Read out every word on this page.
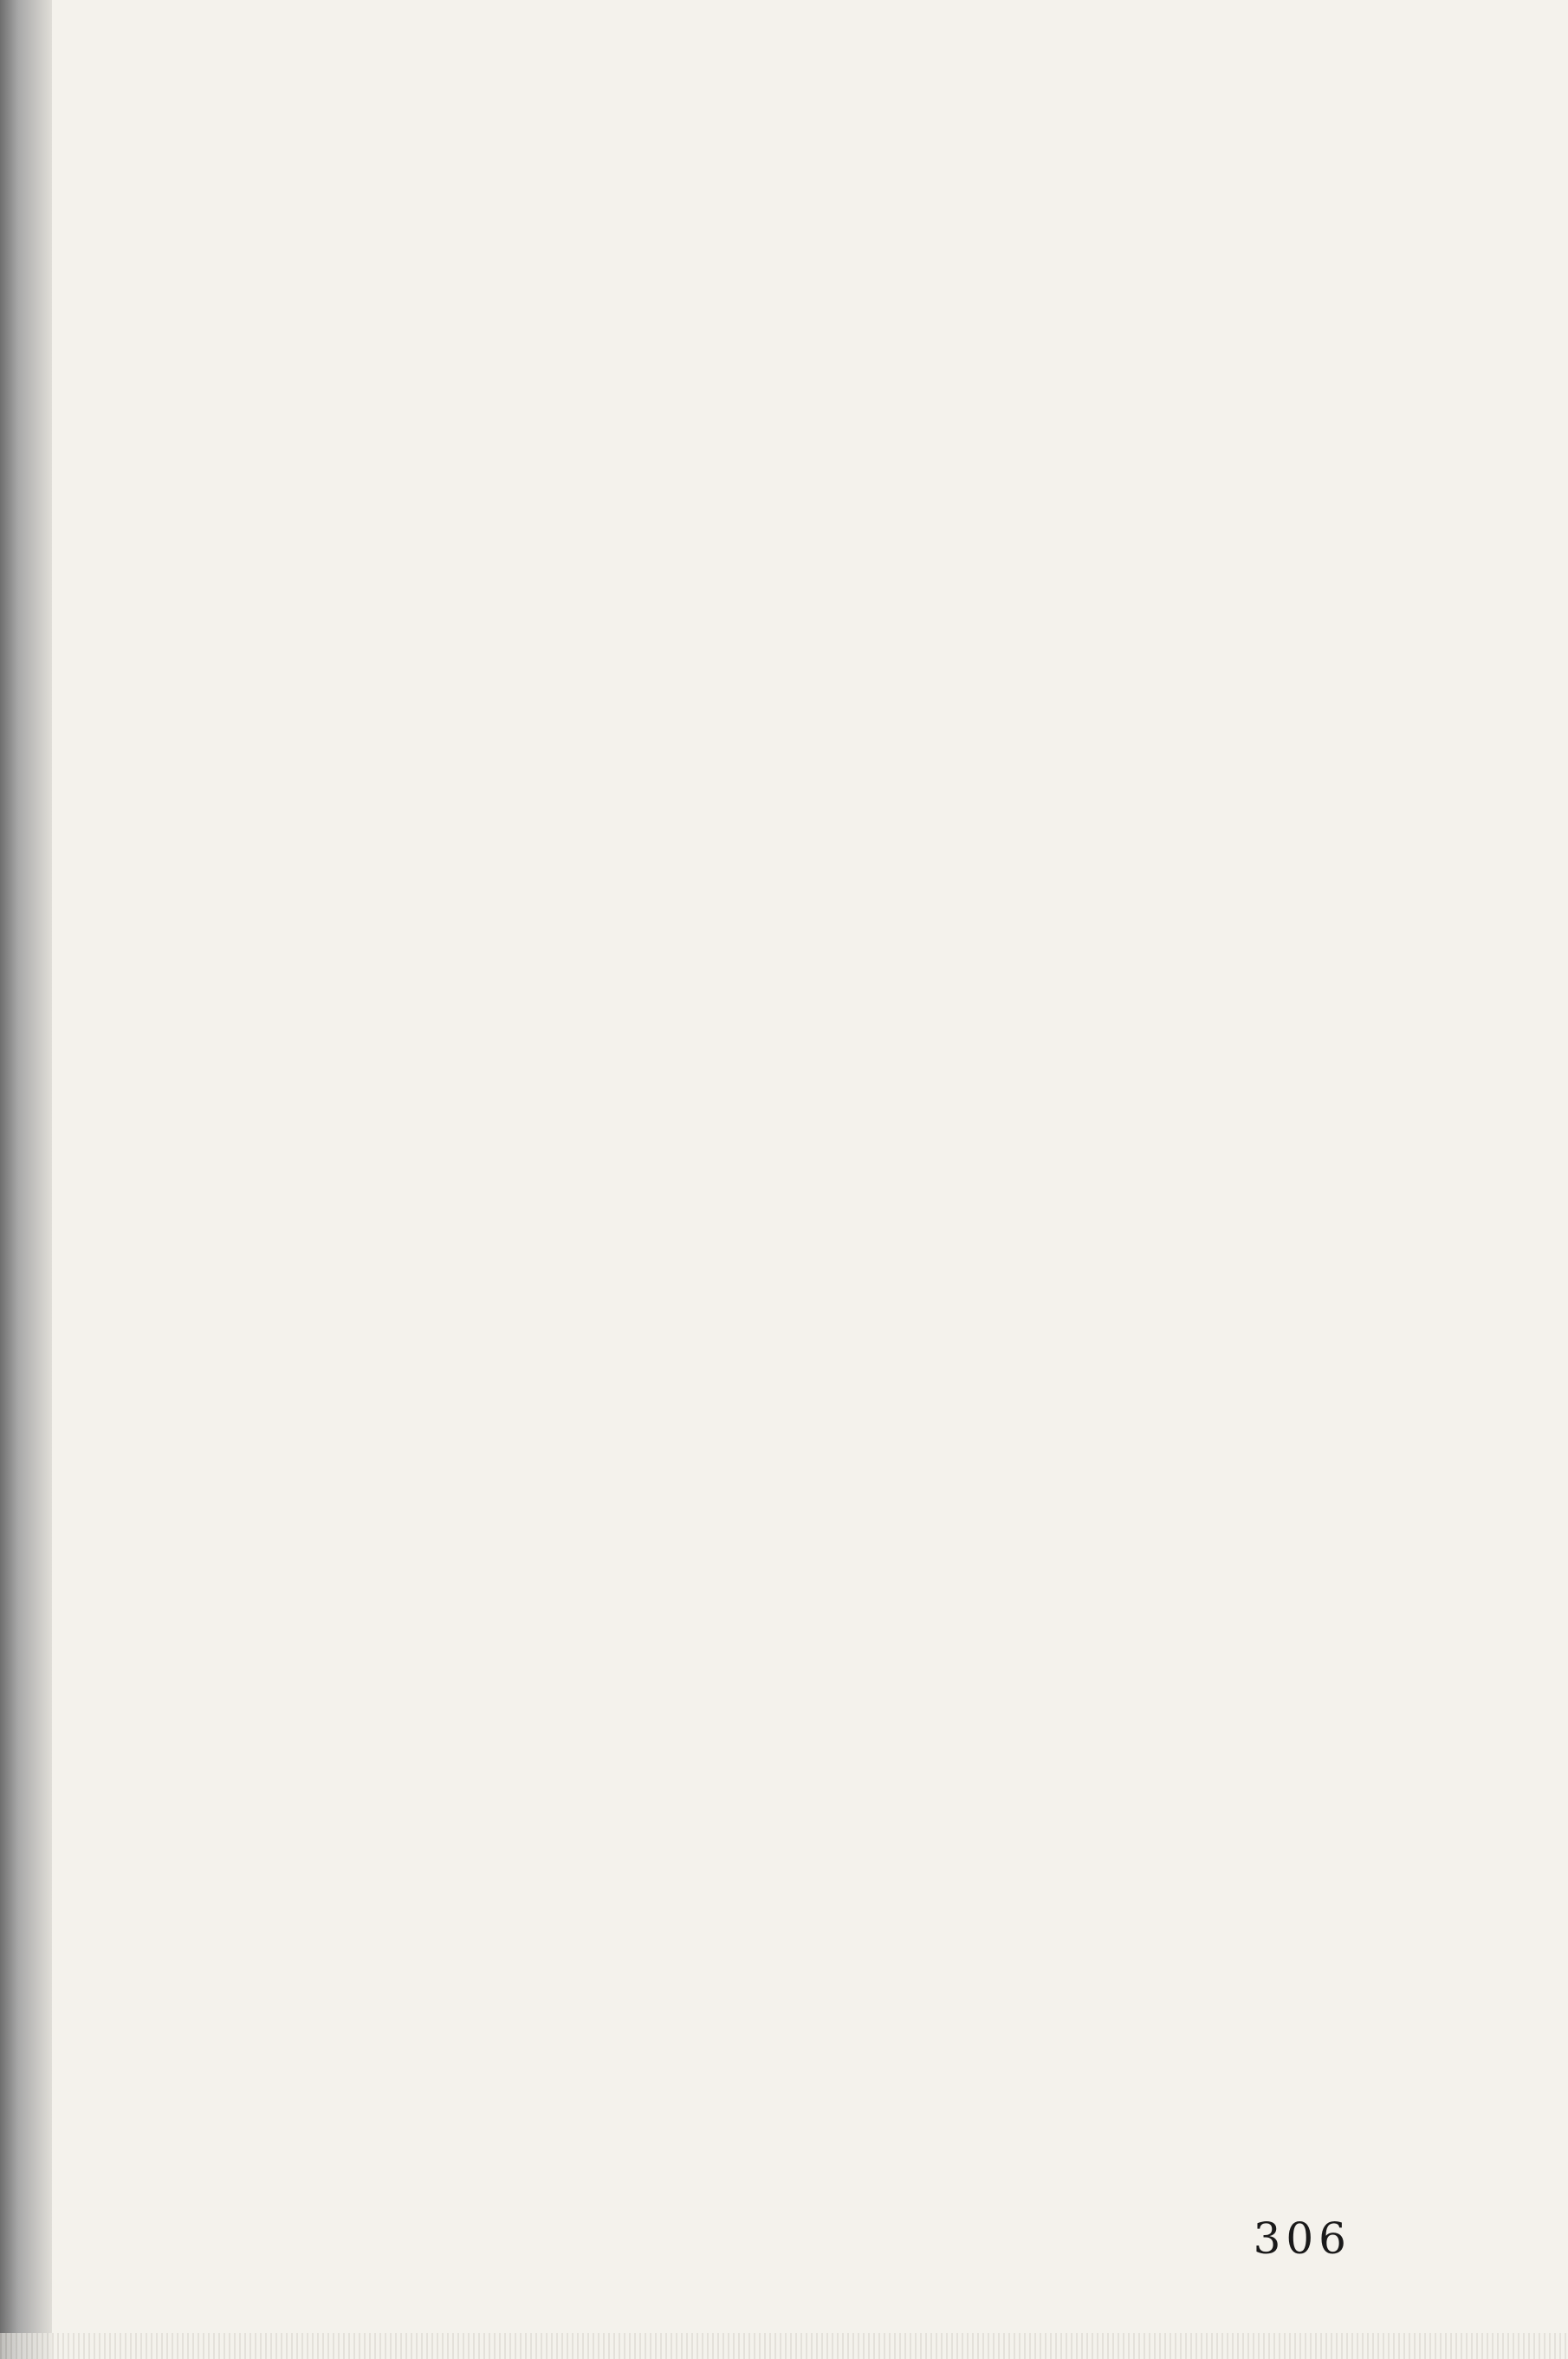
306
